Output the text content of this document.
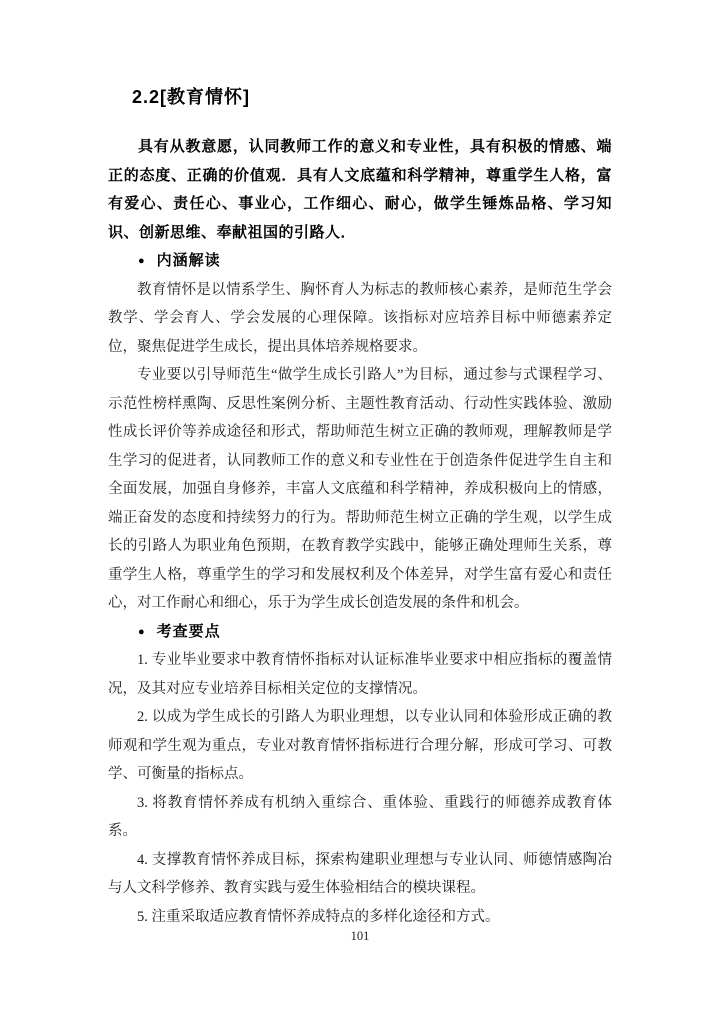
2.2[教育情怀]

具有从教意愿，认同教师工作的意义和专业性，具有积极的情感、端正的态度、正确的价值观．具有人文底蕴和科学精神，尊重学生人格，富有爱心、责任心、事业心，工作细心、耐心，做学生锤炼品格、学习知识、创新思维、奉献祖国的引路人．

● 内涵解读

教育情怀是以情系学生、胸怀育人为标志的教师核心素养，是师范生学会教学、学会育人、学会发展的心理保障。该指标对应培养目标中师德素养定位，聚焦促进学生成长，提出具体培养规格要求。

专业要以引导师范生“做学生成长引路人”为目标，通过参与式课程学习、示范性榜样熏陶、反思性案例分析、主题性教育活动、行动性实践体验、激励性成长评价等养成途径和形式，帮助师范生树立正确的教师观，理解教师是学生学习的促进者，认同教师工作的意义和专业性在于创造条件促进学生自主和全面发展，加强自身修养，丰富人文底蕴和科学精神，养成积极向上的情感，端正奋发的态度和持续努力的行为。帮助师范生树立正确的学生观，以学生成长的引路人为职业角色预期，在教育教学实践中，能够正确处理师生关系，尊重学生人格，尊重学生的学习和发展权利及个体差异，对学生富有爱心和责任心，对工作耐心和细心，乐于为学生成长创造发展的条件和机会。

● 考查要点

1. 专业毕业要求中教育情怀指标对认证标准毕业要求中相应指标的覆盖情况，及其对应专业培养目标相关定位的支撑情况。

2. 以成为学生成长的引路人为职业理想，以专业认同和体验形成正确的教师观和学生观为重点，专业对教育情怀指标进行合理分解，形成可学习、可教学、可衡量的指标点。

3. 将教育情怀养成有机纳入重综合、重体验、重践行的师德养成教育体系。

4. 支撑教育情怀养成目标，探索构建职业理想与专业认同、师德情感陶冶与人文科学修养、教育实践与爱生体验相结合的模块课程。

5. 注重采取适应教育情怀养成特点的多样化途径和方式。

101
